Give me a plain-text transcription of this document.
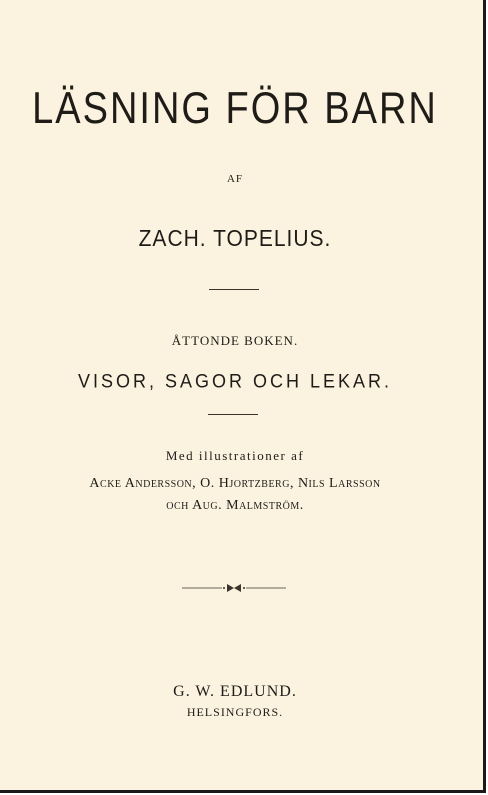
LÄSNING FÖR BARN
AF
ZACH. TOPELIUS.
ÅTTONDE BOKEN.
VISOR, SAGOR OCH LEKAR.
Med illustrationer af
Acke Andersson, O. Hjortzberg, Nils Larsson
och Aug. Malmström.
G. W. EDLUND.
HELSINGFORS.
